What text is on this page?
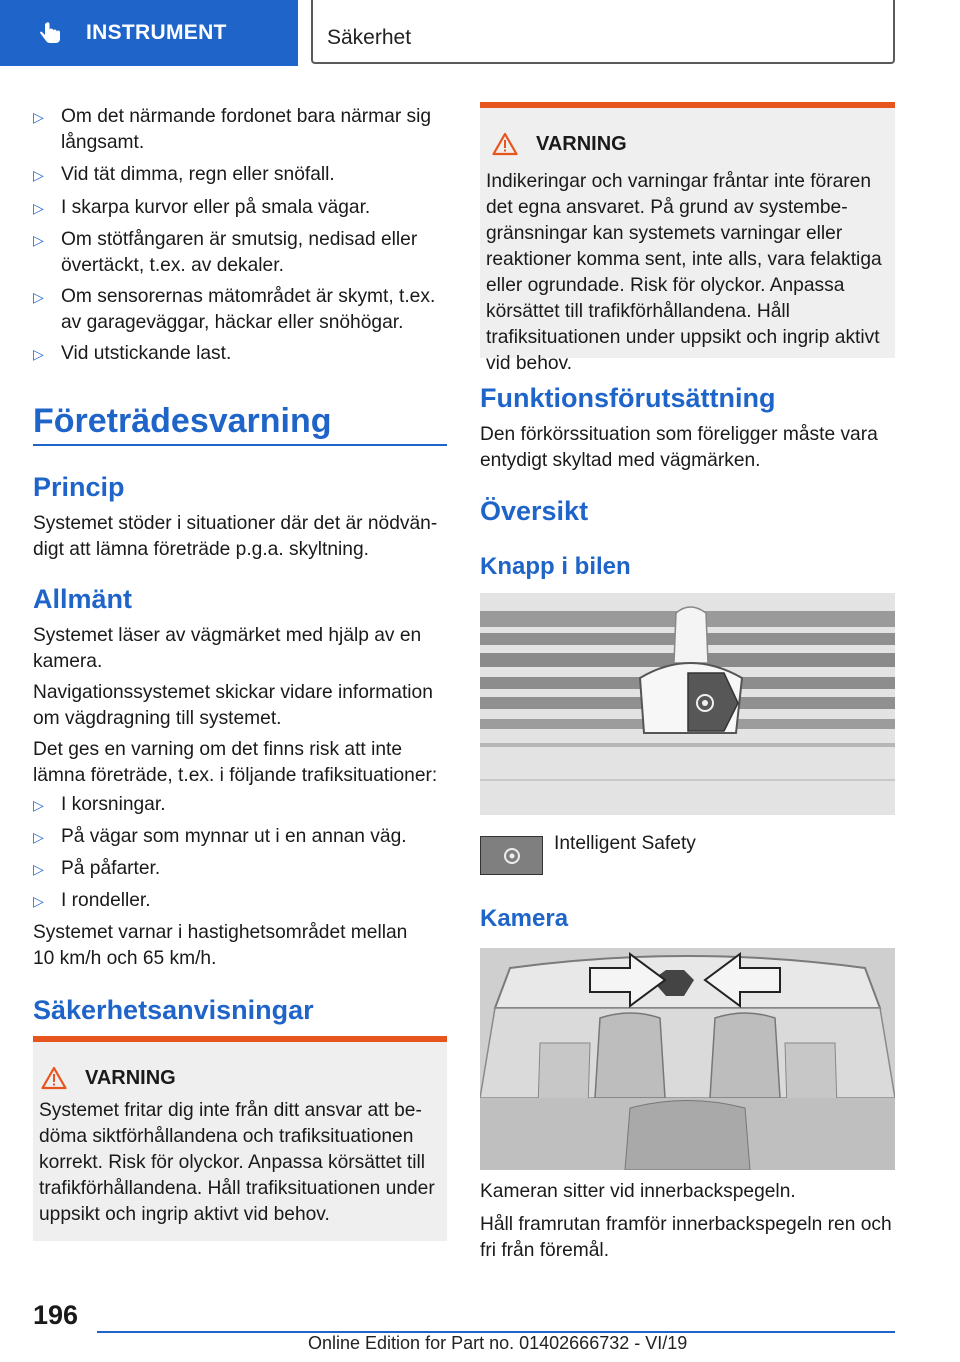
INSTRUMENT	Säkerhet
▷ Om det närmande fordonet bara närmar sig långsamt.
▷ Vid tät dimma, regn eller snöfall.
▷ I skarpa kurvor eller på smala vägar.
▷ Om stötfångaren är smutsig, nedisad eller övertäckt, t.ex. av dekaler.
▷ Om sensorernas mätområdet är skymt, t.ex. av garageväggar, häckar eller snöhögar.
▷ Vid utstickande last.
Företrädesvarning
Princip
Systemet stöder i situationer där det är nödvändigt att lämna företräde p.g.a. skyltning.
Allmänt
Systemet läser av vägmärket med hjälp av en kamera.
Navigationssystemet skickar vidare information om vägdragning till systemet.
Det ges en varning om det finns risk att inte lämna företräde, t.ex. i följande trafiksituationer:
▷ I korsningar.
▷ På vägar som mynnar ut i en annan väg.
▷ På påfarter.
▷ I rondeller.
Systemet varnar i hastighetsområdet mellan 10 km/h och 65 km/h.
Säkerhetsanvisningar
VARNING
Systemet fritar dig inte från ditt ansvar att bedöma siktförhållandena och trafiksituationen korrekt. Risk för olyckor. Anpassa körsättet till trafikförhållandena. Håll trafiksituationen under uppsikt och ingrip aktivt vid behov.
VARNING
Indikeringar och varningar fråntar inte föraren det egna ansvaret. På grund av systembegränsningar kan systemets varningar eller reaktioner komma sent, inte alls, vara felaktiga eller ogrundade. Risk för olyckor. Anpassa körsättet till trafikförhållandena. Håll trafiksituationen under uppsikt och ingrip aktivt vid behov.
Funktionsförutsättning
Den förkörssituation som föreligger måste vara entydigt skyltad med vägmärken.
Översikt
Knapp i bilen
Intelligent Safety
Kamera
Kameran sitter vid innerbackspegeln.
Håll framrutan framför innerbackspegeln ren och fri från föremål.
196
Online Edition for Part no. 01402666732 - VI/19
